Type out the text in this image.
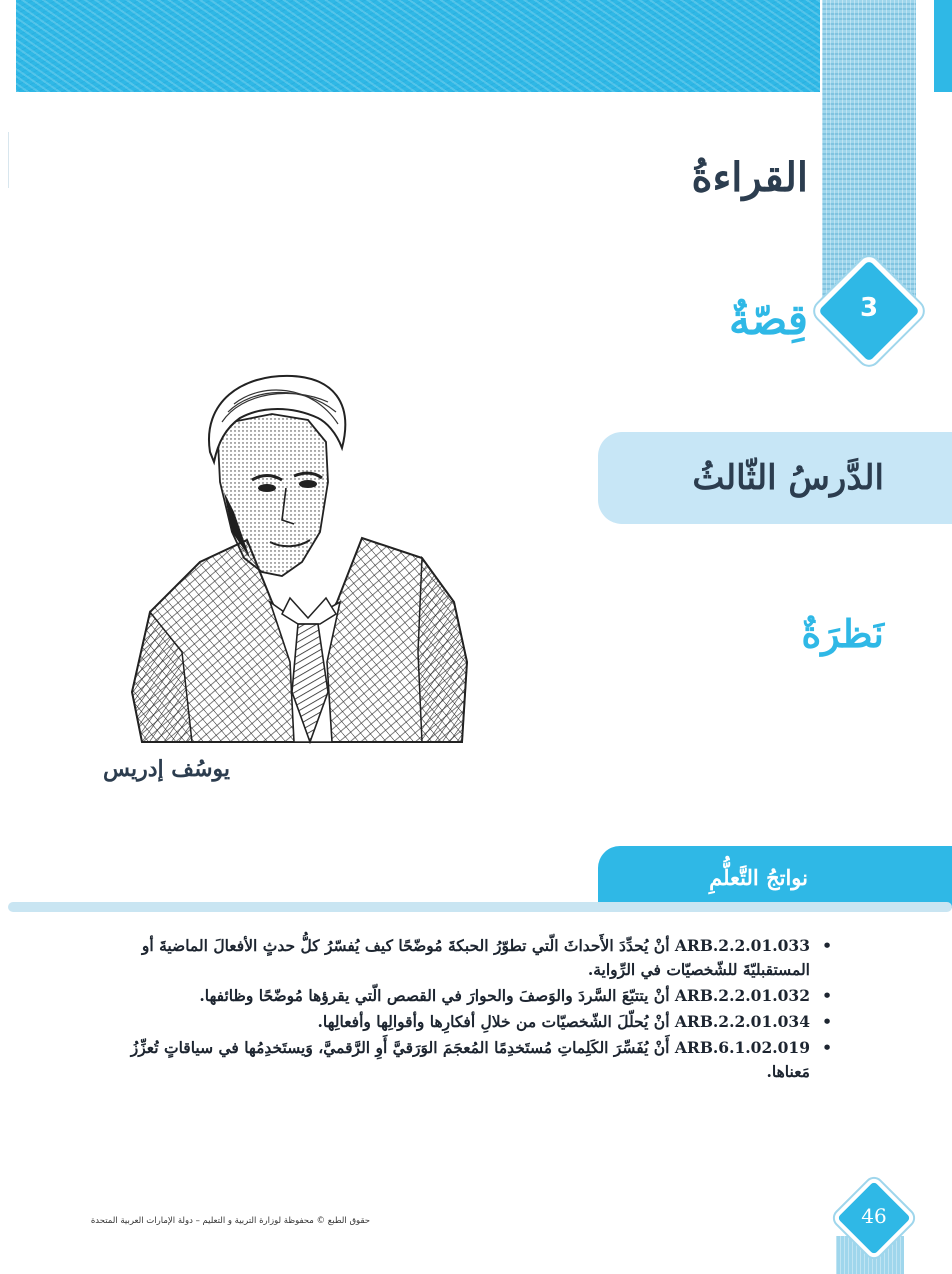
القراءةُ
قِصّةٌ	3
الدَّرسُ الثّالثُ
نَظرَةٌ
يوسُف إدريس
نواتجُ التَّعلُّمِ
• ARB.2.2.01.033 أنْ يُحدِّدَ الأَحداثَ الّتي تطوّرُ الحبكةَ مُوضّحًا كيف يُفسّرُ كلُّ حدثٍ الأفعالَ الماضيةَ أو المستقبليّةَ للشّخصيّات في الرِّواية.
• ARB.2.2.01.032 أنْ يتتبّعَ السَّردَ والوَصفَ والحوارَ في القصص الّتي يقرؤها مُوضّحًا وظائفها.
• ARB.2.2.01.034 أنْ يُحلّلَ الشّخصيّات من خلالِ أفكارِها وأقوالِها وأفعالِها.
• ARB.6.1.02.019 أَنْ يُفَسِّرَ الكَلِماتِ مُستَخدِمًا المُعجَمَ الوَرَقيَّ أَوِ الرَّقميَّ، وَيستَخدِمُها في سياقاتٍ تُعزِّزُ مَعناها.
حقوق الطبع © محفوظة لوزارة التربية و التعليم – دولة الإمارات العربية المتحدة	46
